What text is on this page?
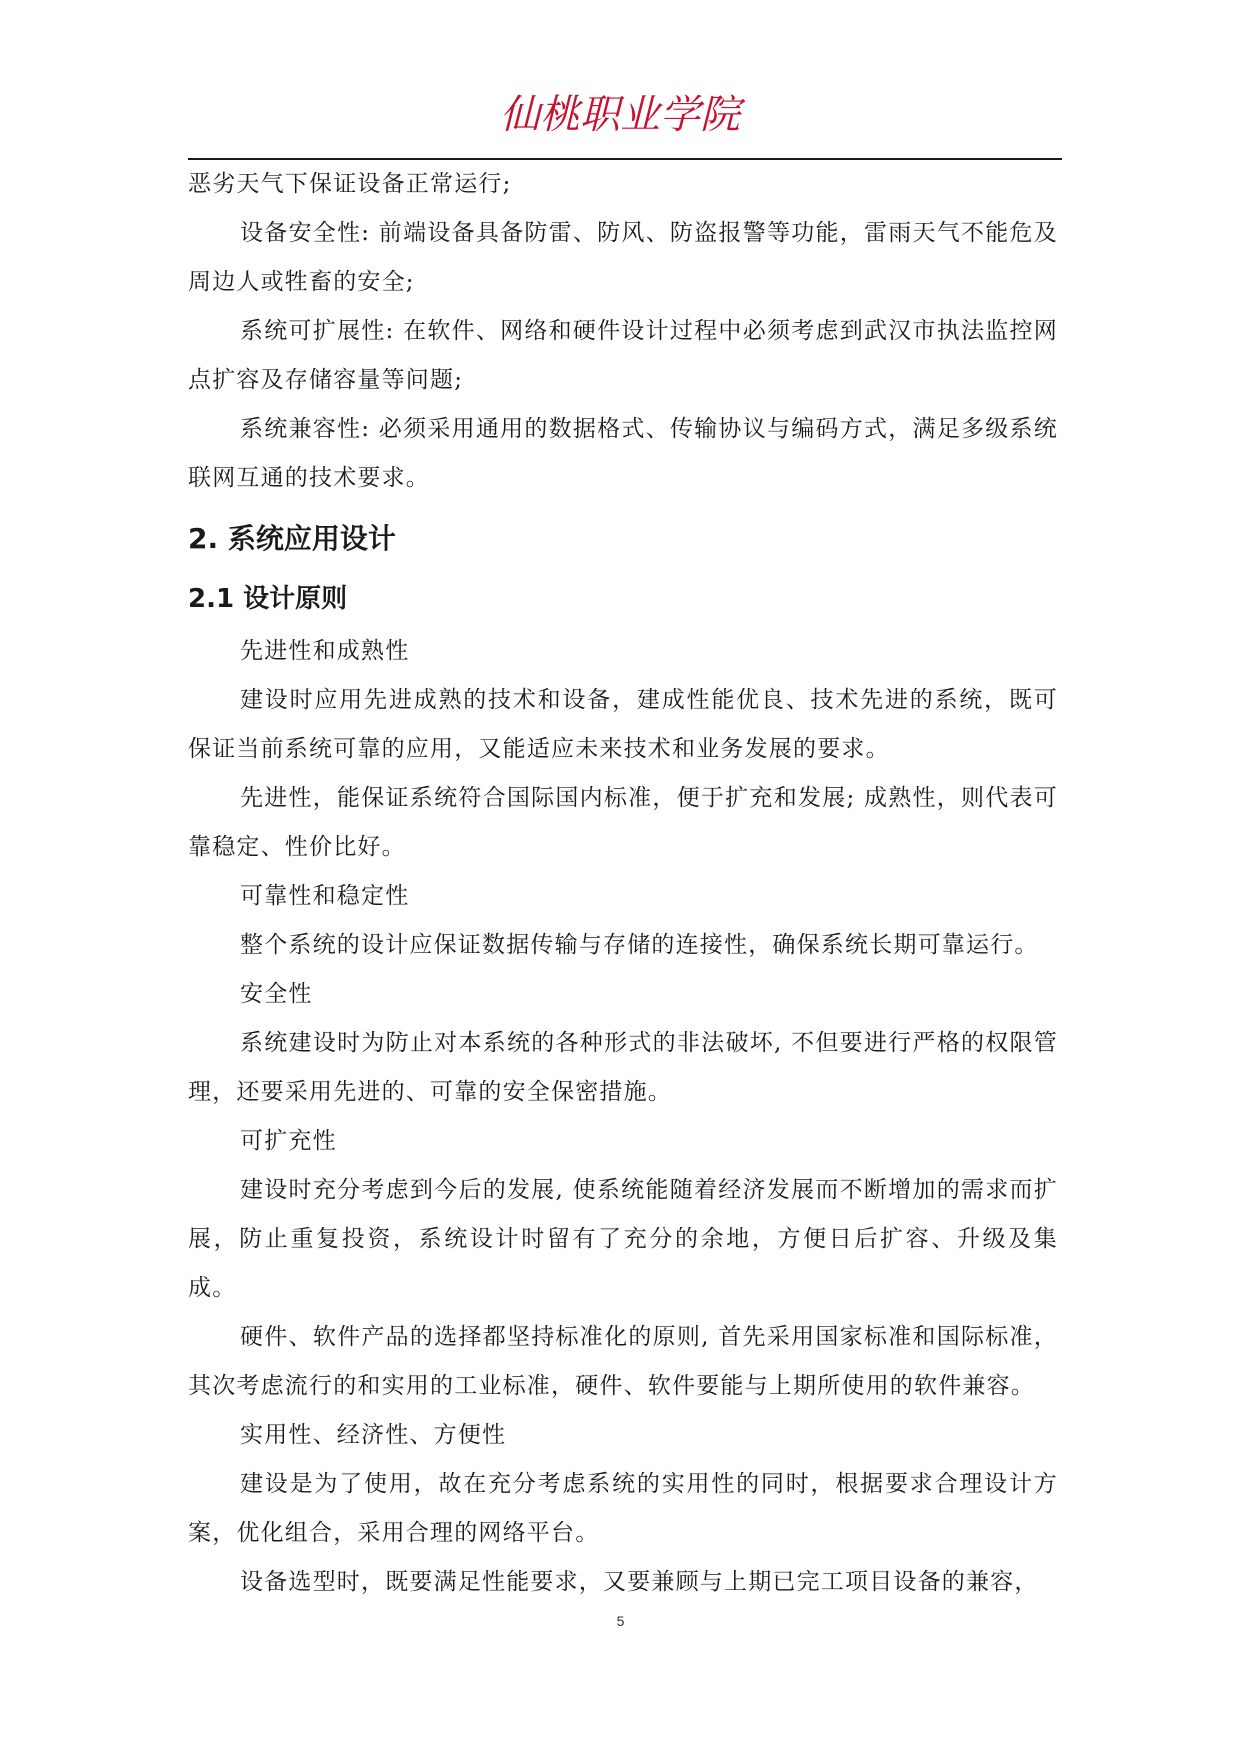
仙桃职业学院

恶劣天气下保证设备正常运行;

设备安全性: 前端设备具备防雷、防风、防盗报警等功能，雷雨天气不能危及周边人或牲畜的安全;

系统可扩展性: 在软件、网络和硬件设计过程中必须考虑到武汉市执法监控网点扩容及存储容量等问题;

系统兼容性: 必须采用通用的数据格式、传输协议与编码方式，满足多级系统联网互通的技术要求。

2. 系统应用设计
2.1 设计原则

先进性和成熟性

建设时应用先进成熟的技术和设备，建成性能优良、技术先进的系统，既可保证当前系统可靠的应用，又能适应未来技术和业务发展的要求。

先进性，能保证系统符合国际国内标准，便于扩充和发展; 成熟性，则代表可靠稳定、性价比好。

可靠性和稳定性

整个系统的设计应保证数据传输与存储的连接性，确保系统长期可靠运行。

安全性

系统建设时为防止对本系统的各种形式的非法破坏, 不但要进行严格的权限管理，还要采用先进的、可靠的安全保密措施。

可扩充性

建设时充分考虑到今后的发展, 使系统能随着经济发展而不断增加的需求而扩展，防止重复投资，系统设计时留有了充分的余地，方便日后扩容、升级及集成。

硬件、软件产品的选择都坚持标准化的原则, 首先采用国家标准和国际标准，其次考虑流行的和实用的工业标准，硬件、软件要能与上期所使用的软件兼容。

实用性、经济性、方便性

建设是为了使用，故在充分考虑系统的实用性的同时，根据要求合理设计方案，优化组合，采用合理的网络平台。

设备选型时，既要满足性能要求，又要兼顾与上期已完工项目设备的兼容，

5
